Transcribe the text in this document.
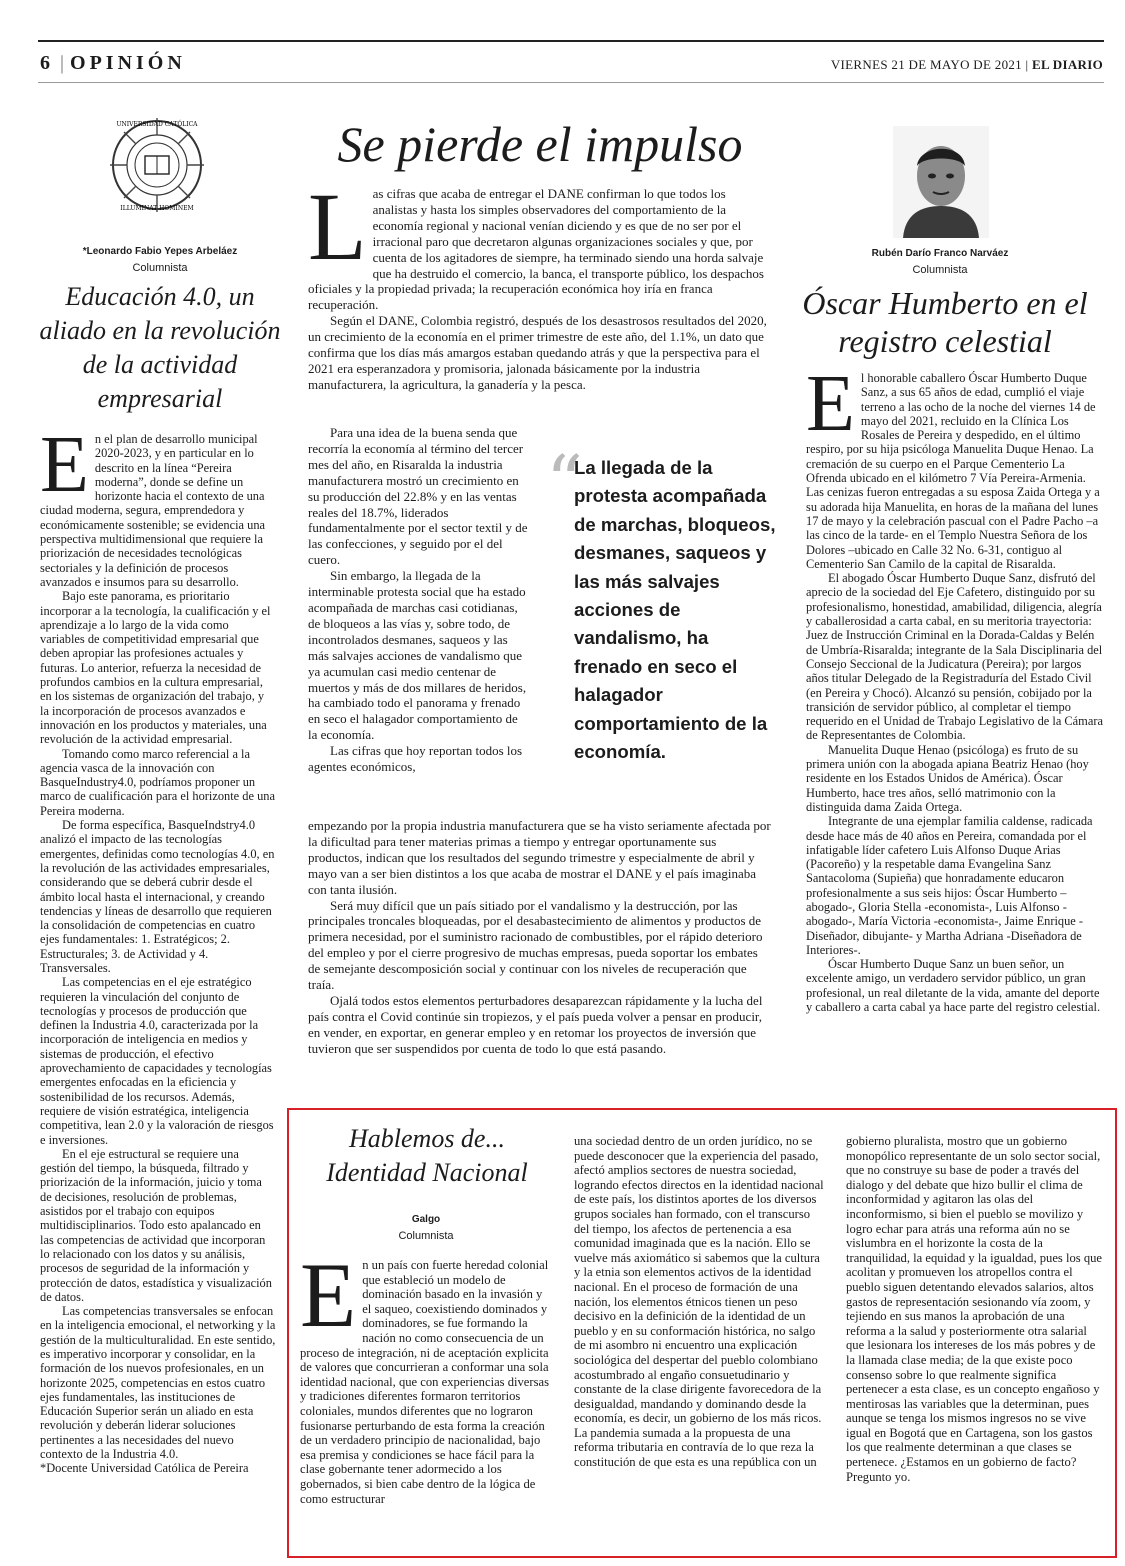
6 | OPINIÓN	VIERNES 21 DE MAYO DE 2021 | EL DIARIO
UNIVERSIDAD CATÓLICA
ILLUMINAT HOMINEM
*Leonardo Fabio Yepes Arbeláez
Columnista
Educación 4.0, un
aliado en la revolución
de la actividad
empresarial

En el plan de desarrollo municipal 2020-2023, y en particular en lo descrito en la línea “Pereira moderna”, donde se define un horizonte hacia el contexto de una ciudad moderna, segura, emprendedora y económicamente sostenible; se evidencia una perspectiva multidimensional que requiere la priorización de necesidades tecnológicas sectoriales y la definición de procesos avanzados e insumos para su desarrollo.

Bajo este panorama, es prioritario incorporar a la tecnología, la cualificación y el aprendizaje a lo largo de la vida como variables de competitividad empresarial que deben apropiar las profesiones actuales y futuras. Lo anterior, refuerza la necesidad de profundos cambios en la cultura empresarial, en los sistemas de organización del trabajo, y la incorporación de procesos avanzados e innovación en los productos y materiales, una revolución de la actividad empresarial.

Tomando como marco referencial a la agencia vasca de la innovación con BasqueIndustry4.0, podríamos proponer un marco de cualificación para el horizonte de una Pereira moderna.

De forma específica, BasqueIndstry4.0 analizó el impacto de las tecnologías emergentes, definidas como tecnologías 4.0, en la revolución de las actividades empresariales, considerando que se deberá cubrir desde el ámbito local hasta el internacional, y creando tendencias y líneas de desarrollo que requieren la consolidación de competencias en cuatro ejes fundamentales: 1. Estratégicos; 2. Estructurales; 3. de Actividad y 4. Transversales.

Las competencias en el eje estratégico requieren la vinculación del conjunto de tecnologías y procesos de producción que definen la Industria 4.0, caracterizada por la incorporación de inteligencia en medios y sistemas de producción, el efectivo aprovechamiento de capacidades y tecnologías emergentes enfocadas en la eficiencia y sostenibilidad de los recursos. Además, requiere de visión estratégica, inteligencia competitiva, lean 2.0 y la valoración de riesgos e inversiones.

En el eje estructural se requiere una gestión del tiempo, la búsqueda, filtrado y priorización de la información, juicio y toma de decisiones, resolución de problemas, asistidos por el trabajo con equipos multidisciplinarios. Todo esto apalancado en las competencias de actividad que incorporan lo relacionado con los datos y su análisis, procesos de seguridad de la información y protección de datos, estadística y visualización de datos.

Las competencias transversales se enfocan en la inteligencia emocional, el networking y la gestión de la multiculturalidad. En este sentido, es imperativo incorporar y consolidar, en la formación de los nuevos profesionales, en un horizonte 2025, competencias en estos cuatro ejes fundamentales, las instituciones de Educación Superior serán un aliado en esta revolución y deberán liderar soluciones pertinentes a las necesidades del nuevo contexto de la Industria 4.0.

*Docente Universidad Católica de Pereira

Se pierde el impulso

Las cifras que acaba de entregar el DANE confirman lo que todos los analistas y hasta los simples observadores del comportamiento de la economía regional y nacional venían diciendo y es que de no ser por el irracional paro que decretaron algunas organizaciones sociales y que, por cuenta de los agitadores de siempre, ha terminado siendo una horda salvaje que ha destruido el comercio, la banca, el transporte público, los despachos oficiales y la propiedad privada; la recuperación económica hoy iría en franca recuperación.

Según el DANE, Colombia registró, después de los desastrosos resultados del 2020, un crecimiento de la economía en el primer trimestre de este año, del 1.1%, un dato que confirma que los días más amargos estaban quedando atrás y que la perspectiva para el 2021 era esperanzadora y promisoria, jalonada básicamente por la industria manufacturera, la agricultura, la ganadería y la pesca.

Para una idea de la buena senda que recorría la economía al término del tercer mes del año, en Risaralda la industria manufacturera mostró un crecimiento en su producción del 22.8% y en las ventas reales del 18.7%, liderados fundamentalmente por el sector textil y de las confecciones, y seguido por el del cuero.

Sin embargo, la llegada de la interminable protesta social que ha estado acompañada de marchas casi cotidianas, de bloqueos a las vías y, sobre todo, de incontrolados desmanes, saqueos y las más salvajes acciones de vandalismo que ya acumulan casi medio centenar de muertos y más de dos millares de heridos, ha cambiado todo el panorama y frenado en seco el halagador comportamiento de la economía.

Las cifras que hoy reportan todos los agentes económicos,

empezando por la propia industria manufacturera que se ha visto seriamente afectada por la dificultad para tener materias primas a tiempo y entregar oportunamente sus productos, indican que los resultados del segundo trimestre y especialmente de abril y mayo van a ser bien distintos a los que acaba de mostrar el DANE y el país imaginaba con tanta ilusión.

Será muy difícil que un país sitiado por el vandalismo y la destrucción, por las principales troncales bloqueadas, por el desabastecimiento de alimentos y productos de primera necesidad, por el suministro racionado de combustibles, por el rápido deterioro del empleo y por el cierre progresivo de muchas empresas, pueda soportar los embates de semejante descomposición social y continuar con los niveles de recuperación que traía.

Ojalá todos estos elementos perturbadores desaparezcan rápidamente y la lucha del país contra el Covid continúe sin tropiezos, y el país pueda volver a pensar en producir, en vender, en exportar, en generar empleo y en retomar los proyectos de inversión que tuvieron que ser suspendidos por cuenta de todo lo que está pasando.

“
La llegada de la protesta acompañada de marchas, bloqueos, desmanes, saqueos y las más salvajes acciones de vandalismo, ha frenado en seco el halagador comportamiento de la economía.
Rubén Darío Franco Narváez
Columnista
Óscar Humberto en el
registro celestial

El honorable caballero Óscar Humberto Duque Sanz, a sus 65 años de edad, cumplió el viaje terreno a las ocho de la noche del viernes 14 de mayo del 2021, recluido en la Clínica Los Rosales de Pereira y despedido, en el último respiro, por su hija psicóloga Manuelita Duque Henao. La cremación de su cuerpo en el Parque Cementerio La Ofrenda ubicado en el kilómetro 7 Vía Pereira-Armenia. Las cenizas fueron entregadas a su esposa Zaida Ortega y a su adorada hija Manuelita, en horas de la mañana del lunes 17 de mayo y la celebración pascual con el Padre Pacho –a las cinco de la tarde- en el Templo Nuestra Señora de los Dolores –ubicado en Calle 32 No. 6-31, contiguo al Cementerio San Camilo de la capital de Risaralda.

El abogado Óscar Humberto Duque Sanz, disfrutó del aprecio de la sociedad del Eje Cafetero, distinguido por su profesionalismo, honestidad, amabilidad, diligencia, alegría y caballerosidad a carta cabal, en su meritoria trayectoria: Juez de Instrucción Criminal en la Dorada-Caldas y Belén de Umbría-Risaralda; integrante de la Sala Disciplinaria del Consejo Seccional de la Judicatura (Pereira); por largos años titular Delegado de la Registraduría del Estado Civil (en Pereira y Chocó). Alcanzó su pensión, cobijado por la transición de servidor público, al completar el tiempo requerido en el Unidad de Trabajo Legislativo de la Cámara de Representantes de Colombia.

Manuelita Duque Henao (psicóloga) es fruto de su primera unión con la abogada apiana Beatriz Henao (hoy residente en los Estados Unidos de América). Óscar Humberto, hace tres años, selló matrimonio con la distinguida dama Zaida Ortega.

Integrante de una ejemplar familia caldense, radicada desde hace más de 40 años en Pereira, comandada por el infatigable líder cafetero Luis Alfonso Duque Arias (Pacoreño) y la respetable dama Evangelina Sanz Santacoloma (Supieña) que honradamente educaron profesionalmente a sus seis hijos: Óscar Humberto –abogado-, Gloria Stella -economista-, Luis Alfonso -abogado-, María Victoria -economista-, Jaime Enrique -Diseñador, dibujante- y Martha Adriana -Diseñadora de Interiores-.

Óscar Humberto Duque Sanz un buen señor, un excelente amigo, un verdadero servidor público, un gran profesional, un real diletante de la vida, amante del deporte y caballero a carta cabal ya hace parte del registro celestial.

Hablemos de...
Identidad Nacional
Galgo
Columnista

En un país con fuerte heredad colonial que estableció un modelo de dominación basado en la invasión y el saqueo, coexistiendo dominados y dominadores, se fue formando la nación no como consecuencia de un proceso de integración, ni de aceptación explicita de valores que concurrieran a conformar una sola identidad nacional, que con experiencias diversas y tradiciones diferentes formaron territorios coloniales, mundos diferentes que no lograron fusionarse perturbando de esta forma la creación de un verdadero principio de nacionalidad, bajo esa premisa y condiciones se hace fácil para la clase gobernante tener adormecido a los gobernados, si bien cabe dentro de la lógica de como estructurar

una sociedad dentro de un orden jurídico, no se puede desconocer que la experiencia del pasado, afectó amplios sectores de nuestra sociedad, logrando efectos directos en la identidad nacional de este país, los distintos aportes de los diversos grupos sociales han formado, con el transcurso del tiempo, los afectos de pertenencia a esa comunidad imaginada que es la nación. Ello se vuelve más axiomático si sabemos que la cultura y la etnia son elementos activos de la identidad nacional. En el proceso de formación de una nación, los elementos étnicos tienen un peso decisivo en la definición de la identidad de un pueblo y en su conformación histórica, no salgo de mi asombro ni encuentro una explicación sociológica del despertar del pueblo colombiano acostumbrado al engaño consuetudinario y constante de la clase dirigente favorecedora de la desigualdad, mandando y dominando desde la economía, es decir, un gobierno de los más ricos. La pandemia sumada a la propuesta de una reforma tributaria en contravía de lo que reza la constitución de que esta es una república con un

gobierno pluralista, mostro que un gobierno monopólico representante de un solo sector social, que no construye su base de poder a través del dialogo y del debate que hizo bullir el clima de inconformidad y agitaron las olas del inconformismo, si bien el pueblo se movilizo y logro echar para atrás una reforma aún no se vislumbra en el horizonte la costa de la tranquilidad, la equidad y la igualdad, pues los que acolitan y promueven los atropellos contra el pueblo siguen detentando elevados salarios, altos gastos de representación sesionando vía zoom, y tejiendo en sus manos la aprobación de una reforma a la salud y posteriormente otra salarial que lesionara los intereses de los más pobres y de la llamada clase media; de la que existe poco consenso sobre lo que realmente significa pertenecer a esta clase, es un concepto engañoso y mentirosas las variables que la determinan, pues aunque se tenga los mismos ingresos no se vive igual en Bogotá que en Cartagena, son los gastos los que realmente determinan a que clases se pertenece. ¿Estamos en un gobierno de facto? Pregunto yo.
